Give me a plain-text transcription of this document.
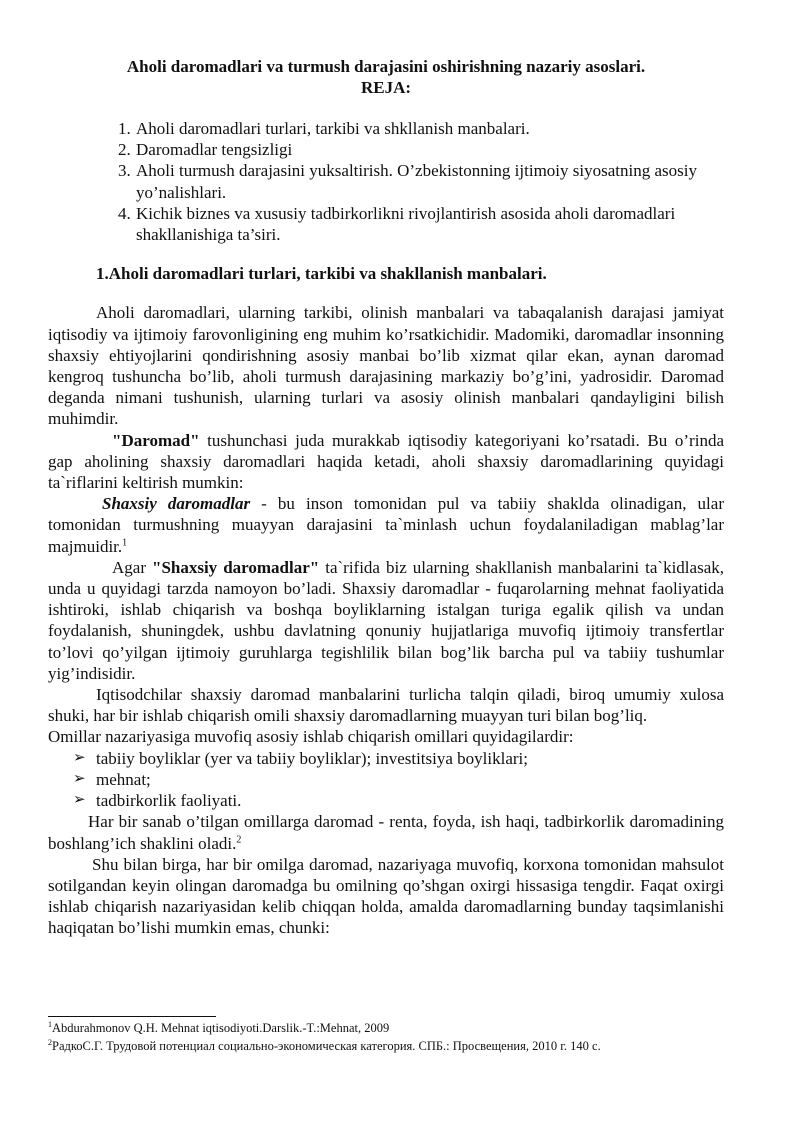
Aholi daromadlari va turmush darajasini oshirishning nazariy asoslari.
REJA:

1. Aholi daromadlari turlari, tarkibi va shkllanish manbalari.
2. Daromadlar tengsizligi
3. Aholi turmush darajasini yuksaltirish. O’zbekistonning ijtimoiy siyosatning asosiy yo’nalishlari.
4. Kichik biznes va xususiy tadbirkorlikni rivojlantirish asosida aholi daromadlari shakllanishiga ta’siri.

1.Aholi daromadlari turlari, tarkibi va shakllanish manbalari.

Aholi daromadlari, ularning tarkibi, olinish manbalari va tabaqalanish darajasi jamiyat iqtisodiy va ijtimoiy farovonligining eng muhim ko’rsatkichidir. Madomiki, daromadlar insonning shaxsiy ehtiyojlarini qondirishning asosiy manbai bo’lib xizmat qilar ekan, aynan daromad kengroq tushuncha bo’lib, aholi turmush darajasining markaziy bo’g’ini, yadrosidir. Daromad deganda nimani tushunish, ularning turlari va asosiy olinish manbalari qandayligini bilish muhimdir.

"Daromad" tushunchasi juda murakkab iqtisodiy kategoriyani ko’rsatadi. Bu o’rinda gap aholining shaxsiy daromadlari haqida ketadi, aholi shaxsiy daromadlarining quyidagi ta`riflarini keltirish mumkin:

Shaxsiy daromadlar - bu inson tomonidan pul va tabiiy shaklda olinadigan, ular tomonidan turmushning muayyan darajasini ta`minlash uchun foydalaniladigan mablag’lar majmuidir.$^1$

Agar "Shaxsiy daromadlar" ta`rifida biz ularning shakllanish manbalarini ta`kidlasak, unda u quyidagi tarzda namoyon bo’ladi. Shaxsiy daromadlar - fuqarolarning mehnat faoliyatida ishtiroki, ishlab chiqarish va boshqa boyliklarning istalgan turiga egalik qilish va undan foydalanish, shuningdek, ushbu davlatning qonuniy hujjatlariga muvofiq ijtimoiy transfertlar to’lovi qo’yilgan ijtimoiy guruhlarga tegishlilik bilan bog’lik barcha pul va tabiiy tushumlar yig’indisidir.

Iqtisodchilar shaxsiy daromad manbalarini turlicha talqin qiladi, biroq umumiy xulosa shuki, har bir ishlab chiqarish omili shaxsiy daromadlarning muayyan turi bilan bog’liq.

Omillar nazariyasiga muvofiq asosiy ishlab chiqarish omillari quyidagilardir:

➢ tabiiy boyliklar (yer va tabiiy boyliklar); investitsiya boyliklari;
➢ mehnat;
➢ tadbirkorlik faoliyati.

Har bir sanab o’tilgan omillarga daromad - renta, foyda, ish haqi, tadbirkorlik daromadining boshlang’ich shaklini oladi.$^2$

Shu bilan birga, har bir omilga daromad, nazariyaga muvofiq, korxona tomonidan mahsulot sotilgandan keyin olingan daromadga bu omilning qo’shgan oxirgi hissasiga tengdir. Faqat oxirgi ishlab chiqarish nazariyasidan kelib chiqqan holda, amalda daromadlarning bunday taqsimlanishi haqiqatan bo’lishi mumkin emas, chunki:

$^1$Abdurahmonov Q.H. Mehnat iqtisodiyoti.Darslik.-T.:Mehnat, 2009
$^2$РадкоС.Г. Трудовой потенциал социально-экономическая категория. СПБ.: Просвещения, 2010 г. 140 с.
